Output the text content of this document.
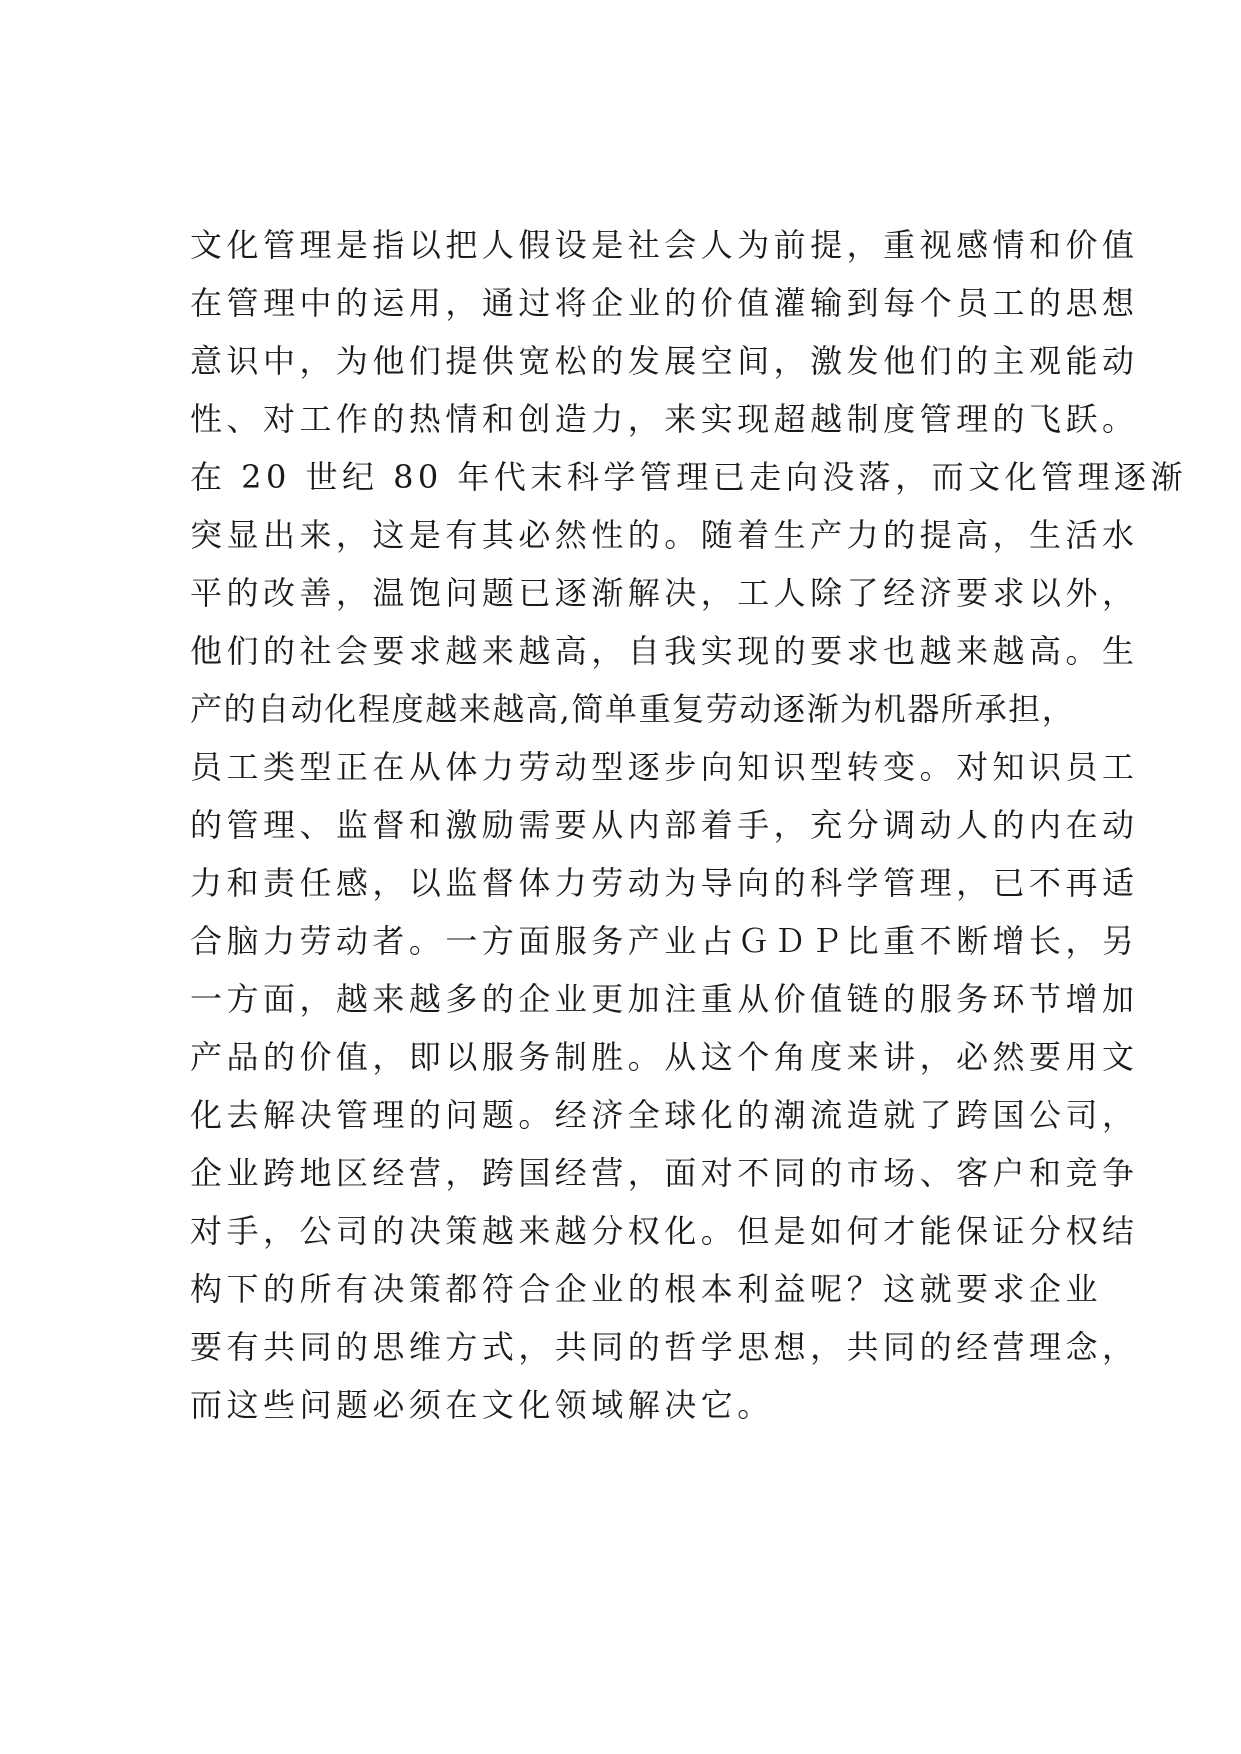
文化管理是指以把人假设是社会人为前提，重视感情和价值
在管理中的运用，通过将企业的价值灌输到每个员工的思想
意识中，为他们提供宽松的发展空间，激发他们的主观能动
性、对工作的热情和创造力，来实现超越制度管理的飞跃。
在 20 世纪 80 年代末科学管理已走向没落，而文化管理逐渐
突显出来，这是有其必然性的。随着生产力的提高，生活水
平的改善，温饱问题已逐渐解决，工人除了经济要求以外，
他们的社会要求越来越高，自我实现的要求也越来越高。生
产的自动化程度越来越高,简单重复劳动逐渐为机器所承担，
员工类型正在从体力劳动型逐步向知识型转变。对知识员工
的管理、监督和激励需要从内部着手，充分调动人的内在动
力和责任感，以监督体力劳动为导向的科学管理，已不再适
合脑力劳动者。一方面服务产业占ＧＤＰ比重不断增长，另
一方面，越来越多的企业更加注重从价值链的服务环节增加
产品的价值，即以服务制胜。从这个角度来讲，必然要用文
化去解决管理的问题。经济全球化的潮流造就了跨国公司，
企业跨地区经营，跨国经营，面对不同的市场、客户和竞争
对手，公司的决策越来越分权化。但是如何才能保证分权结
构下的所有决策都符合企业的根本利益呢？这就要求企业
要有共同的思维方式，共同的哲学思想，共同的经营理念，
而这些问题必须在文化领域解决它。
